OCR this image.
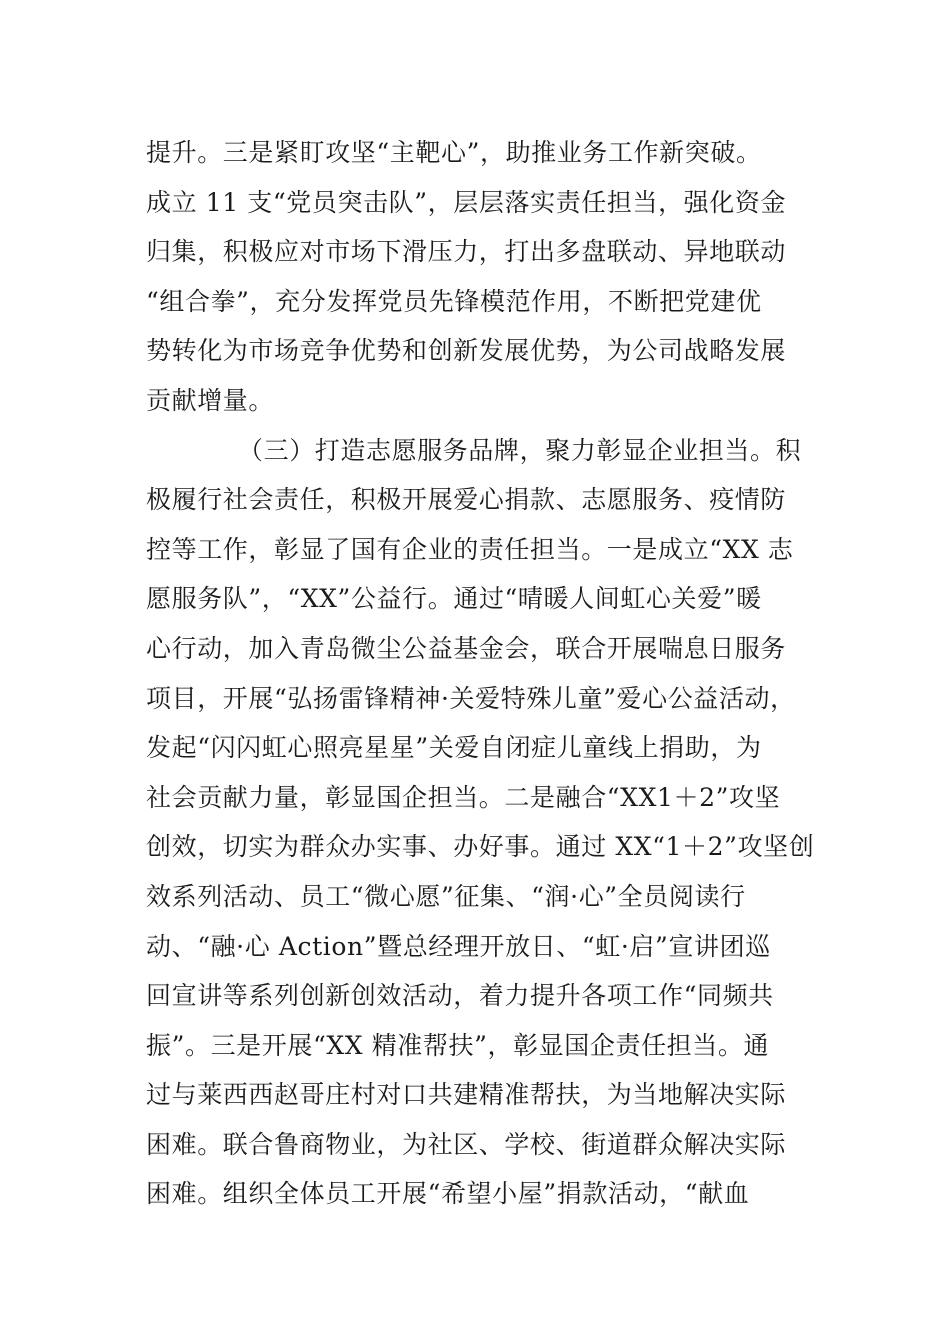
提升。三是紧盯攻坚“主靶心”，助推业务工作新突破。
成立 11 支“党员突击队”，层层落实责任担当，强化资金
归集，积极应对市场下滑压力，打出多盘联动、异地联动
“组合拳”，充分发挥党员先锋模范作用，不断把党建优
势转化为市场竞争优势和创新发展优势，为公司战略发展
贡献增量。
（三）打造志愿服务品牌，聚力彰显企业担当。积
极履行社会责任，积极开展爱心捐款、志愿服务、疫情防
控等工作，彰显了国有企业的责任担当。一是成立“XX 志
愿服务队”，“XX”公益行。通过“晴暖人间虹心关爱”暖
心行动，加入青岛微尘公益基金会，联合开展喘息日服务
项目，开展“弘扬雷锋精神·关爱特殊儿童”爱心公益活动，
发起“闪闪虹心照亮星星”关爱自闭症儿童线上捐助，为
社会贡献力量，彰显国企担当。二是融合“XX1＋2”攻坚
创效，切实为群众办实事、办好事。通过 XX“1＋2”攻坚创
效系列活动、员工“微心愿”征集、“润·心”全员阅读行
动、“融·心 Action”暨总经理开放日、“虹·启”宣讲团巡
回宣讲等系列创新创效活动，着力提升各项工作“同频共
振”。三是开展“XX 精准帮扶”，彰显国企责任担当。通
过与莱西西赵哥庄村对口共建精准帮扶，为当地解决实际
困难。联合鲁商物业，为社区、学校、街道群众解决实际
困难。组织全体员工开展“希望小屋”捐款活动，“献血
